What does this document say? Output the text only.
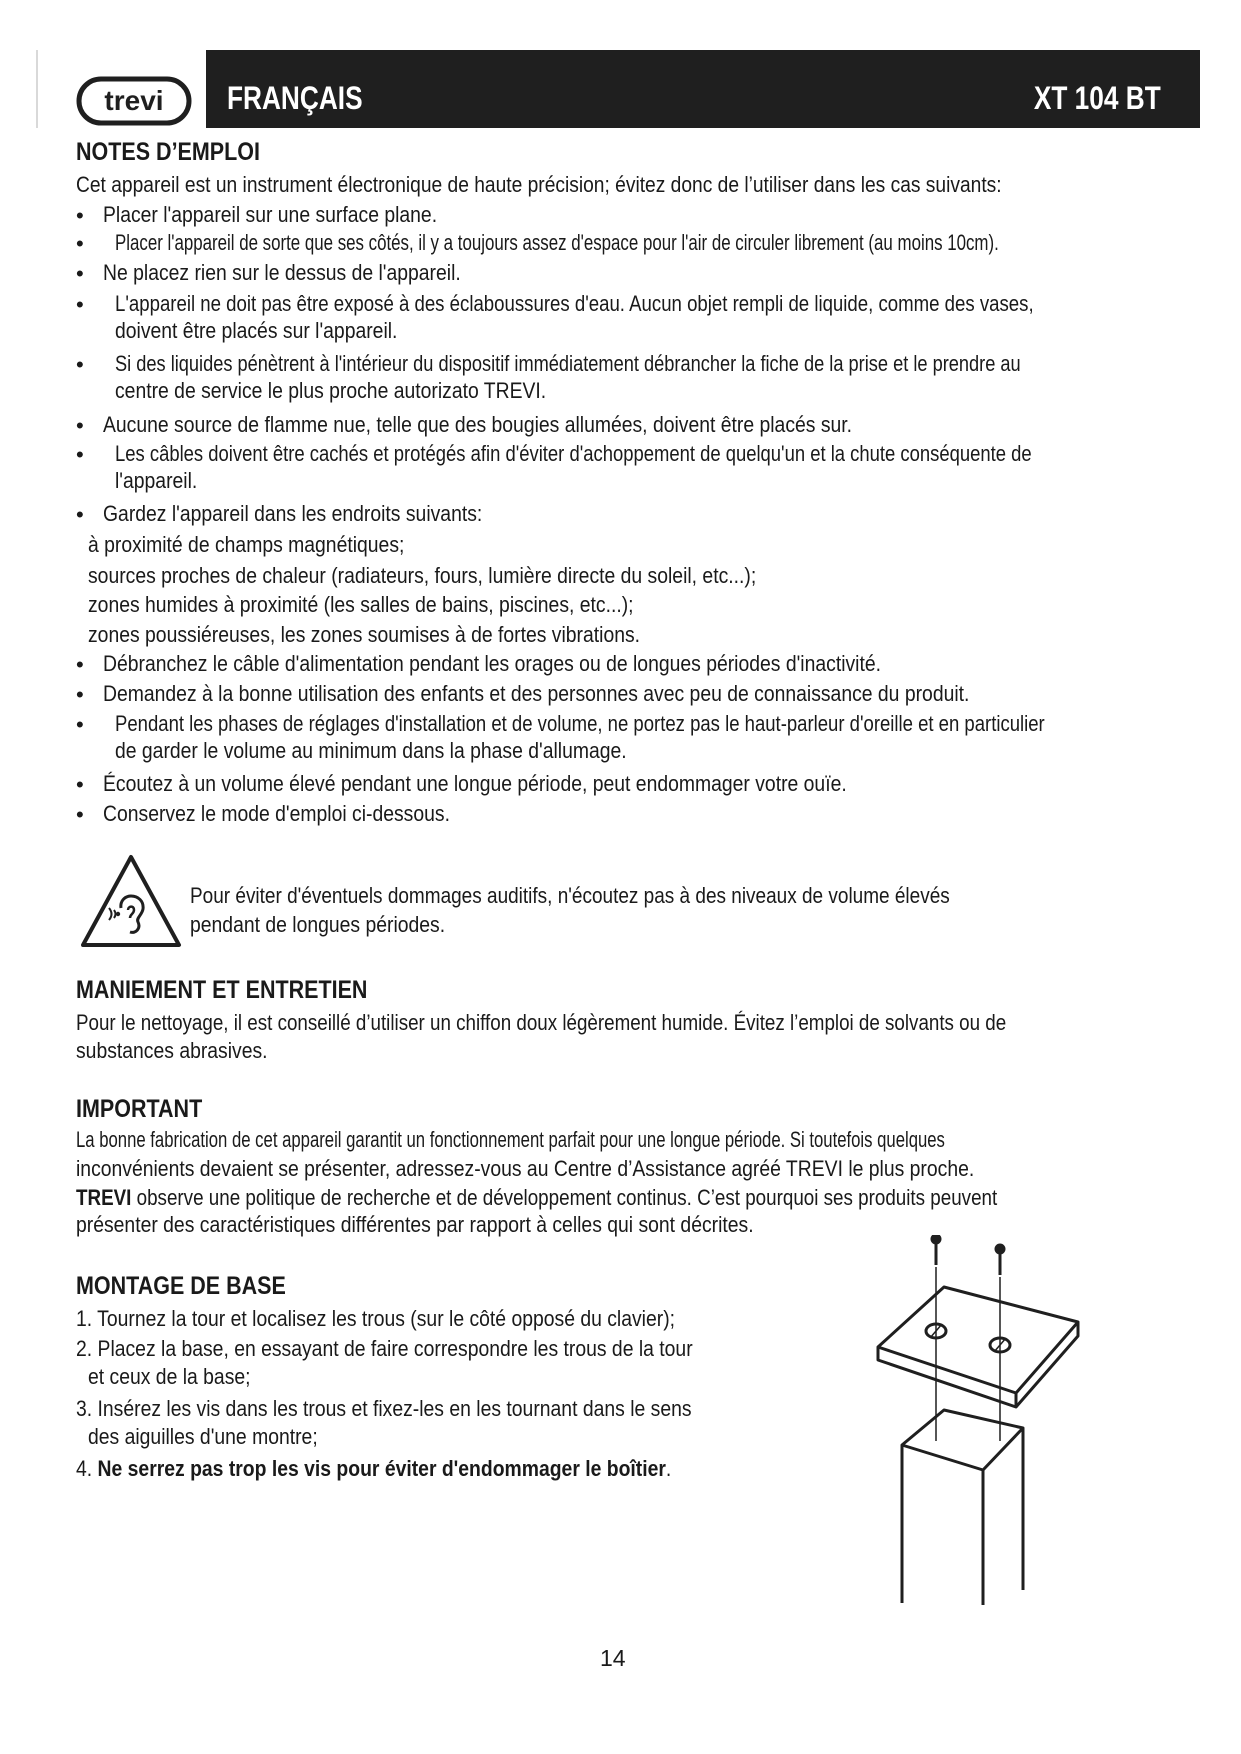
trevi FRANÇAIS	XT 104 BT
NOTES D’EMPLOI
Cet appareil est un instrument électronique de haute précision; évitez donc de l’utiliser dans les cas suivants:
• Placer l'appareil sur une surface plane.
• Placer l'appareil de sorte que ses côtés, il y a toujours assez d'espace pour l'air de circuler librement (au moins 10cm).
• Ne placez rien sur le dessus de l'appareil.
• L'appareil ne doit pas être exposé à des éclaboussures d'eau. Aucun objet rempli de liquide, comme des vases,
doivent être placés sur l'appareil.
• Si des liquides pénètrent à l'intérieur du dispositif immédiatement débrancher la fiche de la prise et le prendre au
centre de service le plus proche autorizato TREVI.
• Aucune source de flamme nue, telle que des bougies allumées, doivent être placés sur.
• Les câbles doivent être cachés et protégés afin d'éviter d'achoppement de quelqu'un et la chute conséquente de
l'appareil.
• Gardez l'appareil dans les endroits suivants:
à proximité de champs magnétiques;
sources proches de chaleur (radiateurs, fours, lumière directe du soleil, etc...);
zones humides à proximité (les salles de bains, piscines, etc...);
zones poussiéreuses, les zones soumises à de fortes vibrations.
• Débranchez le câble d'alimentation pendant les orages ou de longues périodes d'inactivité.
• Demandez à la bonne utilisation des enfants et des personnes avec peu de connaissance du produit.
• Pendant les phases de réglages d'installation et de volume, ne portez pas le haut-parleur d'oreille et en particulier
de garder le volume au minimum dans la phase d'allumage.
• Écoutez à un volume élevé pendant une longue période, peut endommager votre ouïe.
• Conservez le mode d'emploi ci-dessous.
Pour éviter d'éventuels dommages auditifs, n'écoutez pas à des niveaux de volume élevés
pendant de longues périodes.
MANIEMENT ET ENTRETIEN
Pour le nettoyage, il est conseillé d’utiliser un chiffon doux légèrement humide. Évitez l’emploi de solvants ou de
substances abrasives.
IMPORTANT
La bonne fabrication de cet appareil garantit un fonctionnement parfait pour une longue période. Si toutefois quelques
inconvénients devaient se présenter, adressez-vous au Centre d’Assistance agréé TREVI le plus proche.
TREVI observe une politique de recherche et de développement continus. C’est pourquoi ses produits peuvent
présenter des caractéristiques différentes par rapport à celles qui sont décrites.
MONTAGE DE BASE
1. Tournez la tour et localisez les trous (sur le côté opposé du clavier);
2. Placez la base, en essayant de faire correspondre les trous de la tour
et ceux de la base;
3. Insérez les vis dans les trous et fixez-les en les tournant dans le sens
des aiguilles d'une montre;
4. Ne serrez pas trop les vis pour éviter d'endommager le boîtier.
14
